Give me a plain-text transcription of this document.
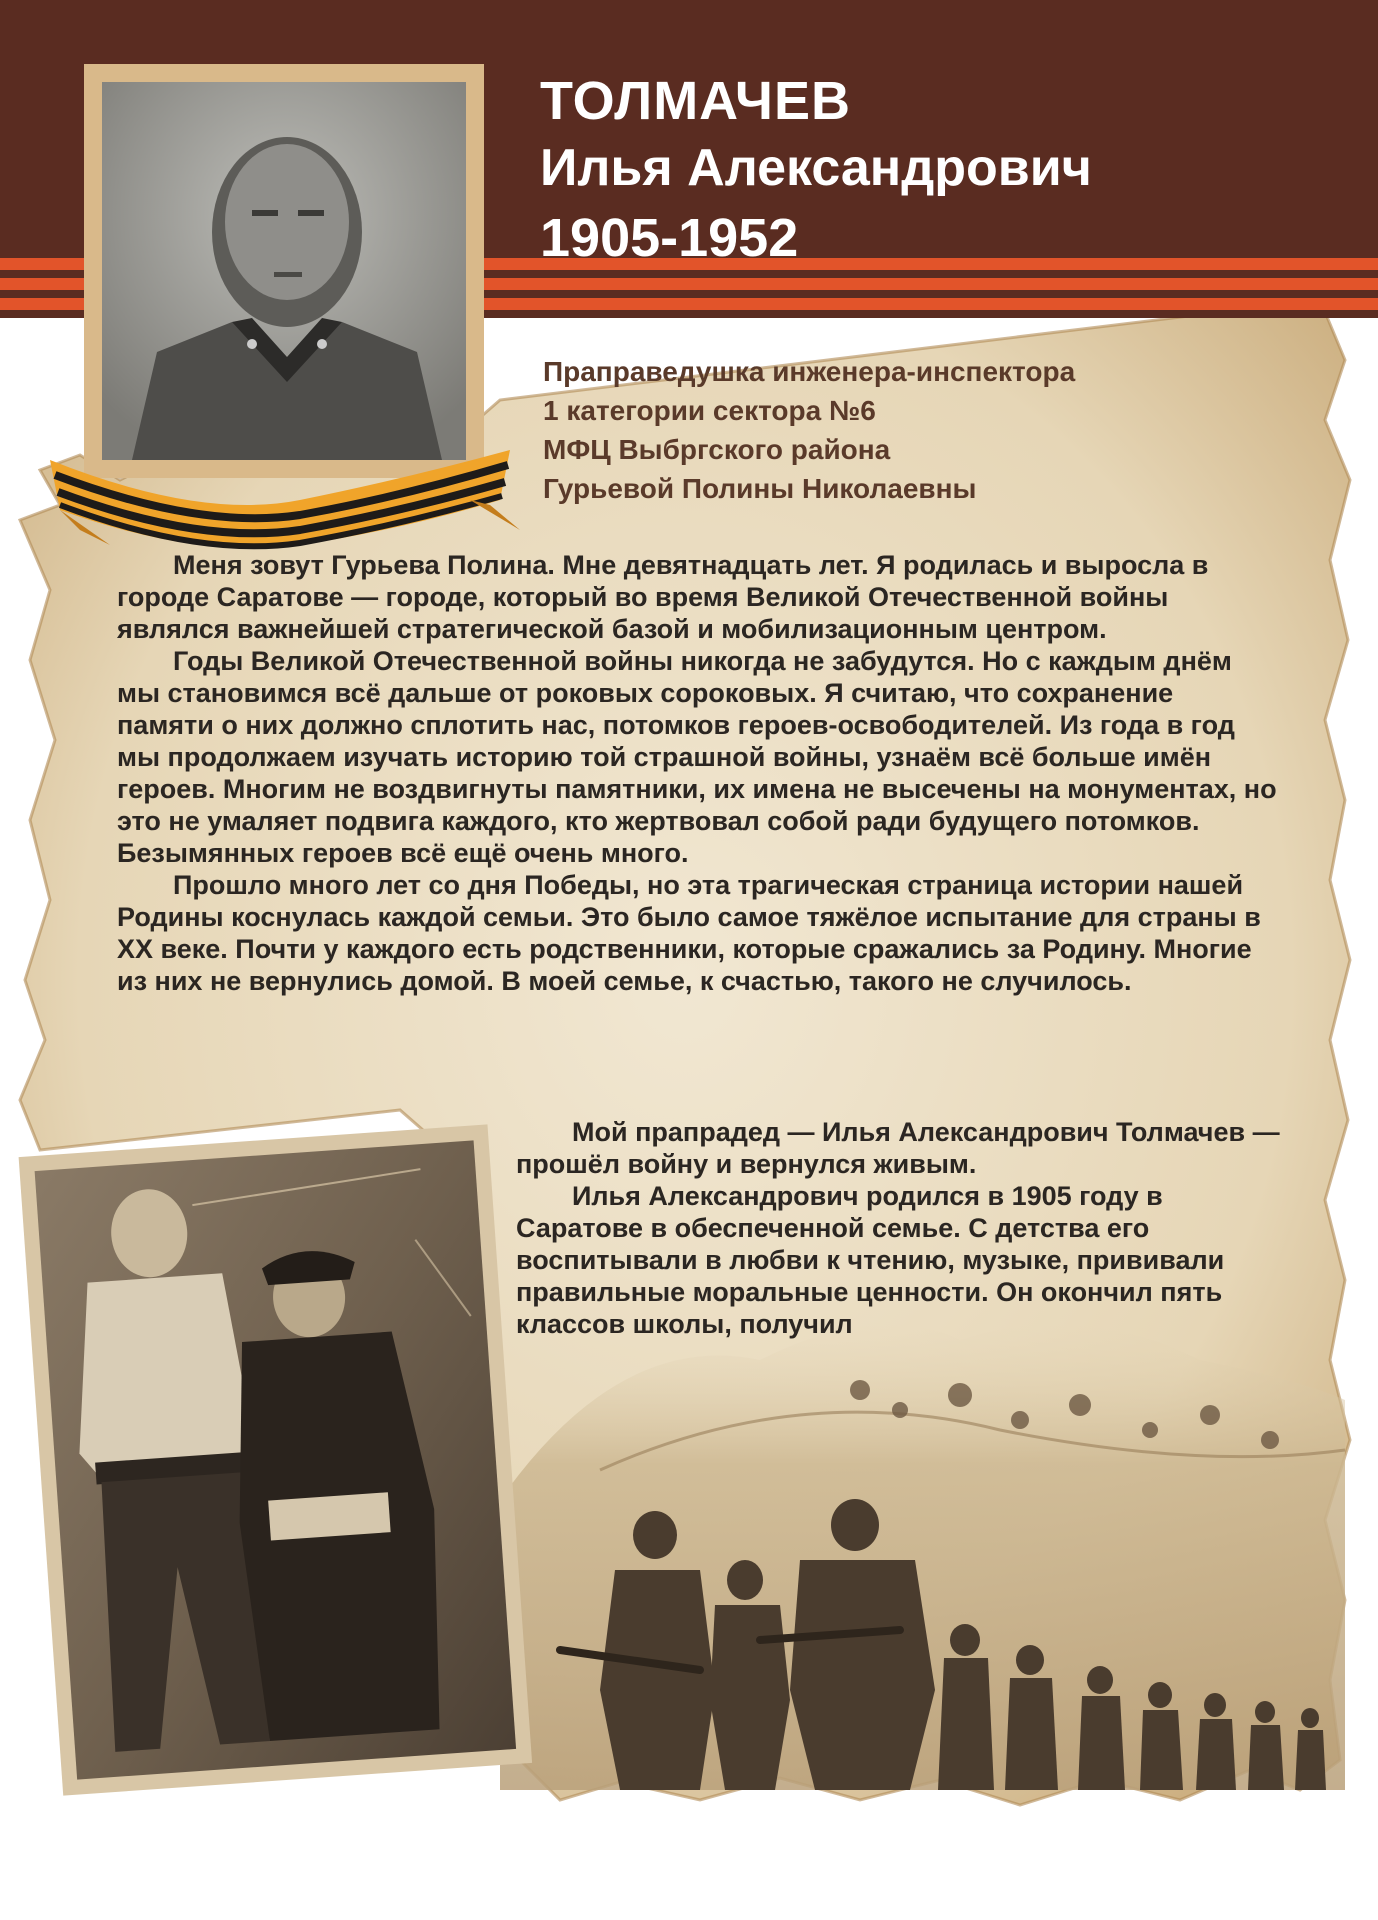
ТОЛМАЧЕВ
Илья Александрович
1905-1952
Праправедушка инженера-инспектора
1 категории сектора №6
МФЦ Выбргского района
Гурьевой Полины Николаевны

Меня зовут Гурьева Полина. Мне девятнадцать лет. Я родилась и выросла в городе Саратове — городе, который во время Великой Отечественной войны являлся важнейшей стратегической базой и мобилизационным центром.

Годы Великой Отечественной войны никогда не забудутся. Но с каждым днём мы становимся всё дальше от роковых сороковых. Я считаю, что сохранение памяти о них должно сплотить нас, потомков героев-освободителей. Из года в год мы продолжаем изучать историю той страшной войны, узнаём всё больше имён героев. Многим не воздвигнуты памятники, их имена не высечены на монументах, но это не умаляет подвига каждого, кто жертвовал собой ради будущего потомков. Безымянных героев всё ещё очень много.

Прошло много лет со дня Победы, но эта трагическая страница истории нашей Родины коснулась каждой семьи. Это было самое тяжёлое испытание для страны в XX веке. Почти у каждого есть родственники, которые сражались за Родину. Многие из них не вернулись домой. В моей семье, к счастью, такого не случилось.

Мой прапрадед — Илья Александрович Толмачев — прошёл войну и вернулся живым.

Илья Александрович родился в 1905 году в Саратове в обеспеченной семье. С детства его воспитывали в любви к чтению, музыке, прививали правильные моральные ценности. Он окончил пять классов школы, получил
